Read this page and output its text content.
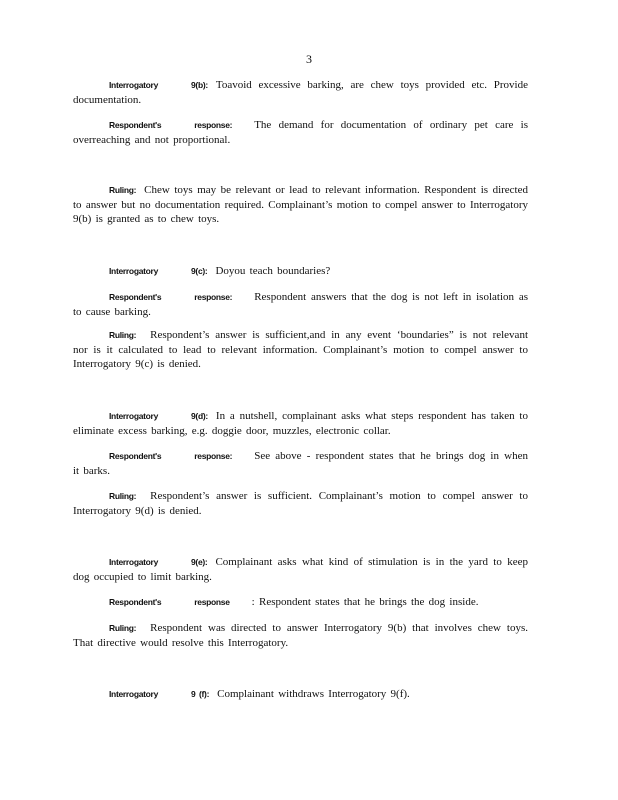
3
Interrogatory	9(b): Toavoid excessive barking, are chew toys provided etc. Provide documentation.
Respondent's	response: The demand for documentation of ordinary pet care is overreaching and not proportional.
Ruling: Chew toys may be relevant or lead to relevant information. Respondent is directed to answer but no documentation required. Complainant’s motion to compel answer to Interrogatory 9(b) is granted as to chew toys.
Interrogatory	9(c): Doyou teach boundaries?
Respondent's	response: Respondent answers that the dog is not left in isolation as to cause barking.
Ruling: Respondent’s answer is sufficient,and in any event ‘boundaries” is not relevant nor is it calculated to lead to relevant information. Complainant’s motion to compel answer to Interrogatory 9(c) is denied.
Interrogatory	9(d): In a nutshell, complainant asks what steps respondent has taken to eliminate excess barking, e.g. doggie door, muzzles, electronic collar.
Respondent's	response: See above - respondent states that he brings dog in when it barks.
Ruling: Respondent’s answer is sufficient. Complainant’s motion to compel answer to Interrogatory 9(d) is denied.
Interrogatory	9(e): Complainant asks what kind of stimulation is in the yard to keep dog occupied to limit barking.
Respondent's	response : Respondent states that he brings the dog inside.
Ruling: Respondent was directed to answer Interrogatory 9(b) that involves chew toys. That directive would resolve this Interrogatory.
Interrogatory	9 (f): Complainant withdraws Interrogatory 9(f).
